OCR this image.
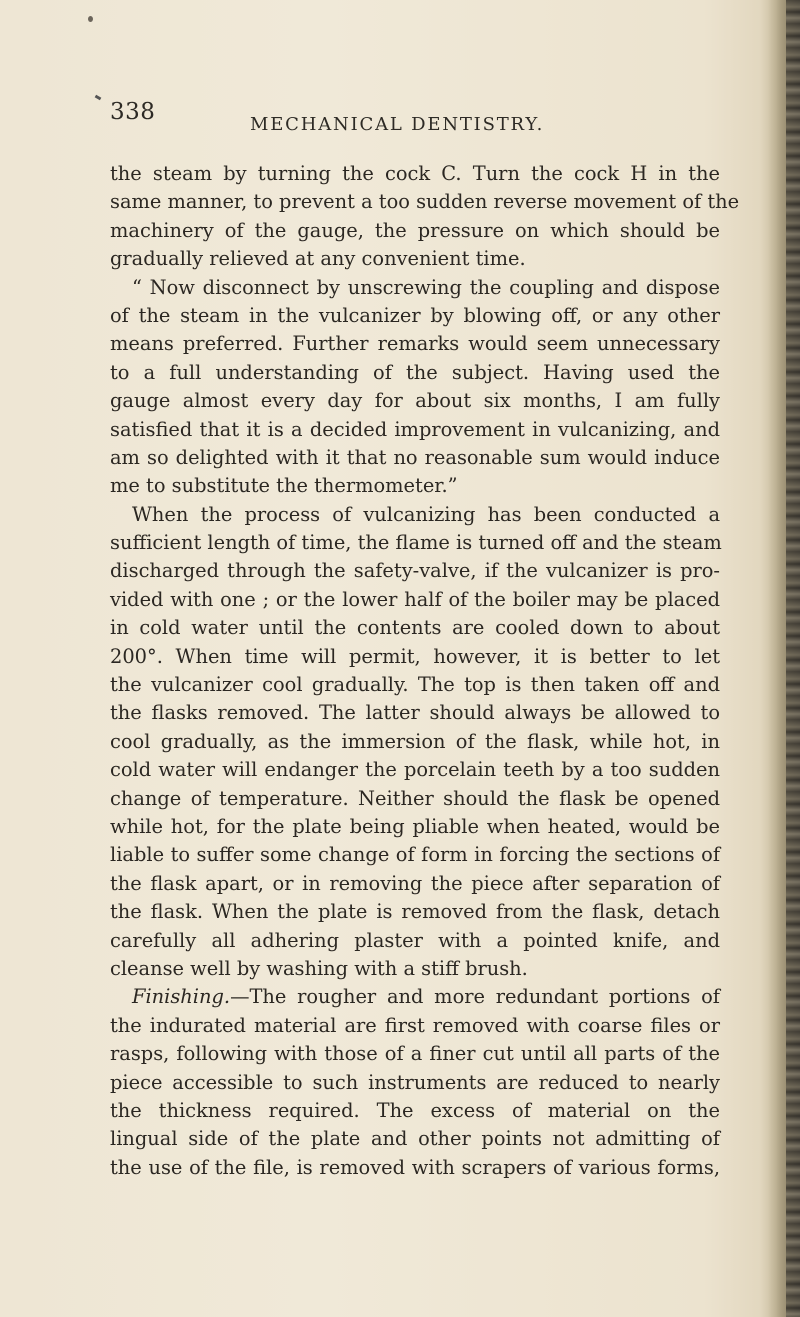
338	MECHANICAL DENTISTRY.
the steam by turning the cock C. Turn the cock H in the
same manner, to prevent a too sudden reverse movement of the
machinery of the gauge, the pressure on which should be
gradually relieved at any convenient time.
“ Now disconnect by unscrewing the coupling and dispose
of the steam in the vulcanizer by blowing off, or any other
means preferred. Further remarks would seem unnecessary
to a full understanding of the subject. Having used the
gauge almost every day for about six months, I am fully
satisfied that it is a decided improvement in vulcanizing, and
am so delighted with it that no reasonable sum would induce
me to substitute the thermometer.”
When the process of vulcanizing has been conducted a
sufficient length of time, the flame is turned off and the steam
discharged through the safety-valve, if the vulcanizer is pro-
vided with one ; or the lower half of the boiler may be placed
in cold water until the contents are cooled down to about
200°. When time will permit, however, it is better to let
the vulcanizer cool gradually. The top is then taken off and
the flasks removed. The latter should always be allowed to
cool gradually, as the immersion of the flask, while hot, in
cold water will endanger the porcelain teeth by a too sudden
change of temperature. Neither should the flask be opened
while hot, for the plate being pliable when heated, would be
liable to suffer some change of form in forcing the sections of
the flask apart, or in removing the piece after separation of
the flask. When the plate is removed from the flask, detach
carefully all adhering plaster with a pointed knife, and
cleanse well by washing with a stiff brush.
Finishing.—The rougher and more redundant portions of
the indurated material are first removed with coarse files or
rasps, following with those of a finer cut until all parts of the
piece accessible to such instruments are reduced to nearly
the thickness required. The excess of material on the
lingual side of the plate and other points not admitting of
the use of the file, is removed with scrapers of various forms,
